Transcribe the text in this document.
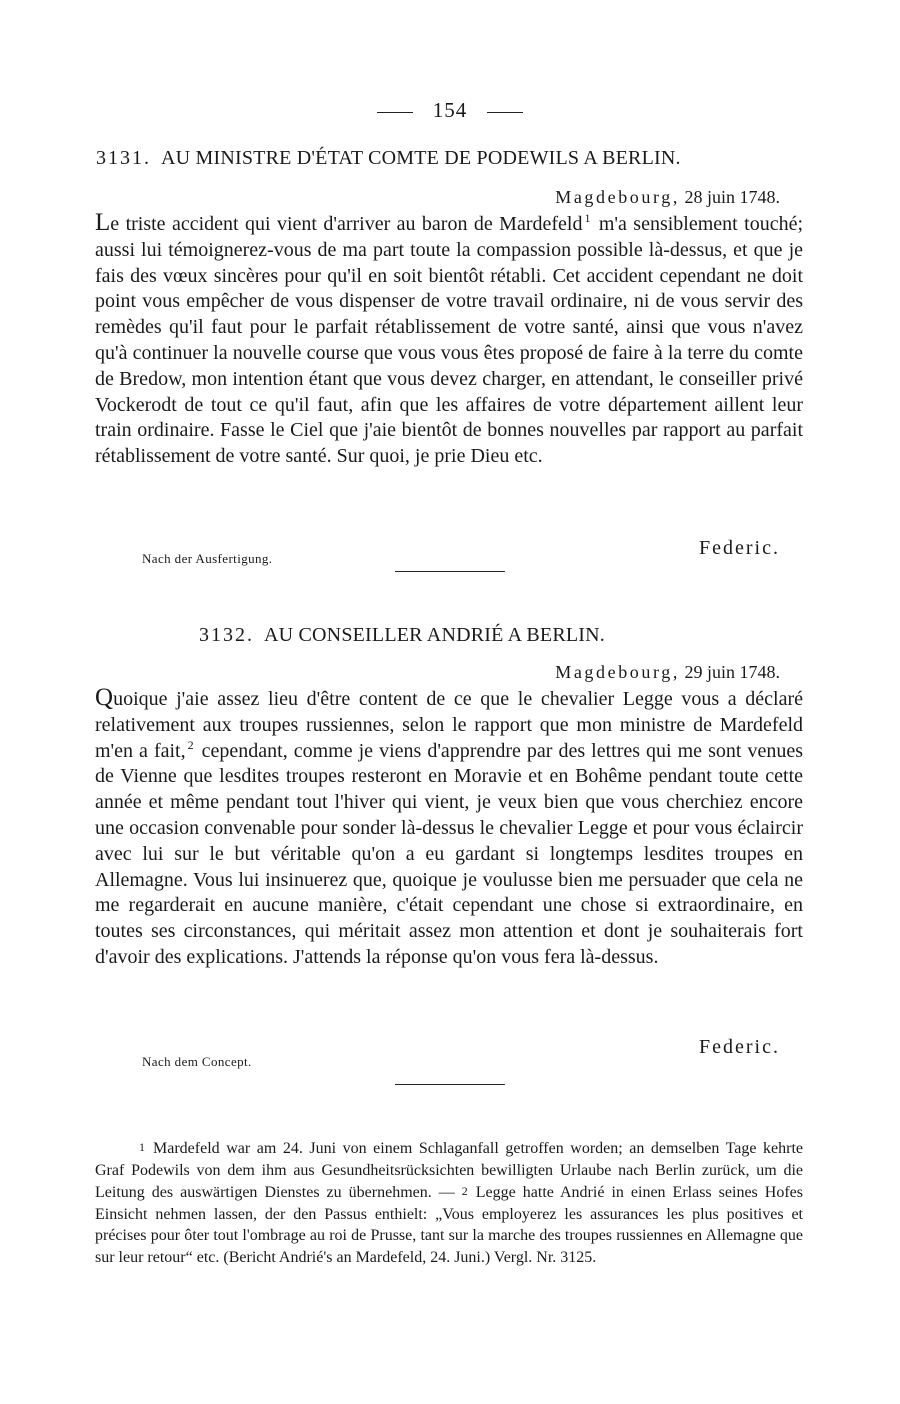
154
3131. AU MINISTRE D'ÉTAT COMTE DE PODEWILS A BERLIN.
Magdebourg, 28 juin 1748.
Le triste accident qui vient d'arriver au baron de Mardefeld $^1$ m'a sensiblement touché; aussi lui témoignerez-vous de ma part toute la compassion possible là-dessus, et que je fais des vœux sincères pour qu'il en soit bientôt rétabli. Cet accident cependant ne doit point vous empêcher de vous dispenser de votre travail ordinaire, ni de vous servir des remèdes qu'il faut pour le parfait rétablissement de votre santé, ainsi que vous n'avez qu'à continuer la nouvelle course que vous vous êtes proposé de faire à la terre du comte de Bredow, mon intention étant que vous devez charger, en attendant, le conseiller privé Vockerodt de tout ce qu'il faut, afin que les affaires de votre département aillent leur train ordinaire. Fasse le Ciel que j'aie bientôt de bonnes nouvelles par rapport au parfait rétablissement de votre santé. Sur quoi, je prie Dieu etc.
Nach der Ausfertigung.	Federic.
3132. AU CONSEILLER ANDRIÉ A BERLIN.
Magdebourg, 29 juin 1748.
Quoique j'aie assez lieu d'être content de ce que le chevalier Legge vous a déclaré relativement aux troupes russiennes, selon le rapport que mon ministre de Mardefeld m'en a fait, $^2$ cependant, comme je viens d'apprendre par des lettres qui me sont venues de Vienne que lesdites troupes resteront en Moravie et en Bohême pendant toute cette année et même pendant tout l'hiver qui vient, je veux bien que vous cherchiez encore une occasion convenable pour sonder là-dessus le chevalier Legge et pour vous éclaircir avec lui sur le but véritable qu'on a eu gardant si longtemps lesdites troupes en Allemagne. Vous lui insinuerez que, quoique je voulusse bien me persuader que cela ne me regarderait en aucune manière, c'était cependant une chose si extraordinaire, en toutes ses circonstances, qui méritait assez mon attention et dont je souhaiterais fort d'avoir des explications. J'attends la réponse qu'on vous fera là-dessus.
Nach dem Concept.
Federic.
1 Mardefeld war am 24. Juni von einem Schlaganfall getroffen worden; an demselben Tage kehrte Graf Podewils von dem ihm aus Gesundheitsrücksichten bewilligten Urlaube nach Berlin zurück, um die Leitung des auswärtigen Dienstes zu übernehmen. — 2 Legge hatte Andrié in einen Erlass seines Hofes Einsicht nehmen lassen, der den Passus enthielt: „Vous employerez les assurances les plus positives et précises pour ôter tout l'ombrage au roi de Prusse, tant sur la marche des troupes russiennes en Allemagne que sur leur retour“ etc. (Bericht Andrié's an Mardefeld, 24. Juni.) Vergl. Nr. 3125.
